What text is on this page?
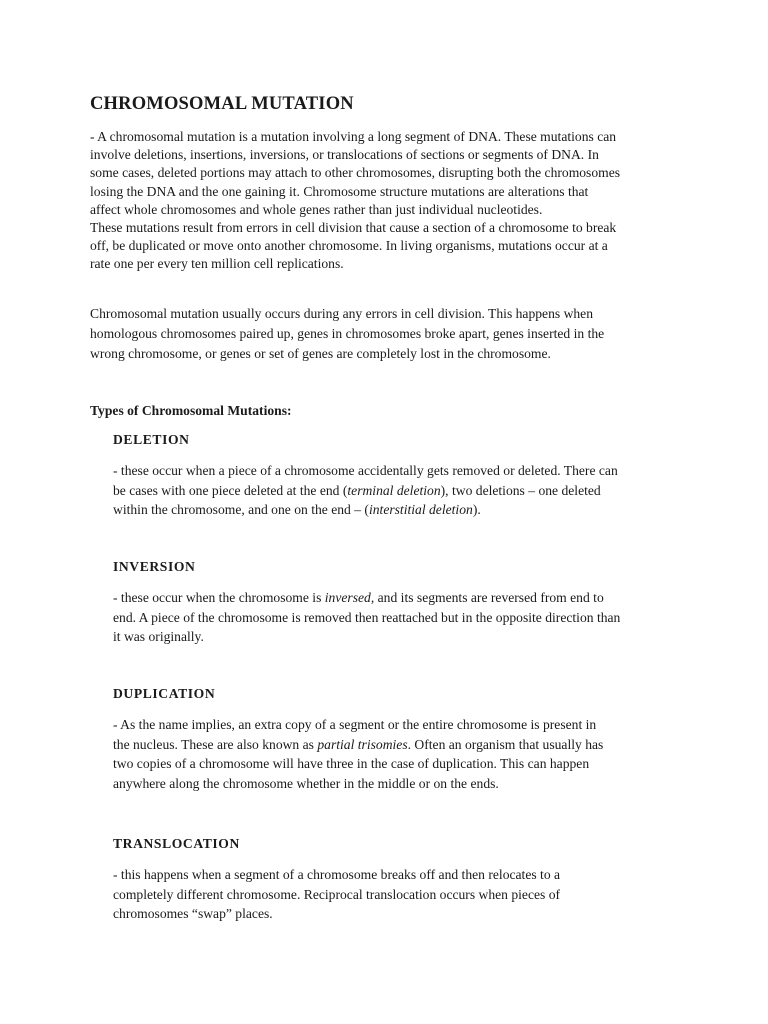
CHROMOSOMAL MUTATION

- A chromosomal mutation is a mutation involving a long segment of DNA. These mutations can
involve deletions, insertions, inversions, or translocations of sections or segments of DNA. In
some cases, deleted portions may attach to other chromosomes, disrupting both the chromosomes
losing the DNA and the one gaining it. Chromosome structure mutations are alterations that
affect whole chromosomes and whole genes rather than just individual nucleotides.
These mutations result from errors in cell division that cause a section of a chromosome to break
off, be duplicated or move onto another chromosome. In living organisms, mutations occur at a
rate one per every ten million cell replications.

Chromosomal mutation usually occurs during any errors in cell division. This happens when
homologous chromosomes paired up, genes in chromosomes broke apart, genes inserted in the
wrong chromosome, or genes or set of genes are completely lost in the chromosome.

Types of Chromosomal Mutations:
DELETION

- these occur when a piece of a chromosome accidentally gets removed or deleted. There can
be cases with one piece deleted at the end (terminal deletion), two deletions – one deleted
within the chromosome, and one on the end – (interstitial deletion).

INVERSION

- these occur when the chromosome is inversed, and its segments are reversed from end to
end. A piece of the chromosome is removed then reattached but in the opposite direction than
it was originally.

DUPLICATION

- As the name implies, an extra copy of a segment or the entire chromosome is present in
the nucleus. These are also known as partial trisomies. Often an organism that usually has
two copies of a chromosome will have three in the case of duplication. This can happen
anywhere along the chromosome whether in the middle or on the ends.

TRANSLOCATION

- this happens when a segment of a chromosome breaks off and then relocates to a
completely different chromosome. Reciprocal translocation occurs when pieces of
chromosomes “swap” places.
